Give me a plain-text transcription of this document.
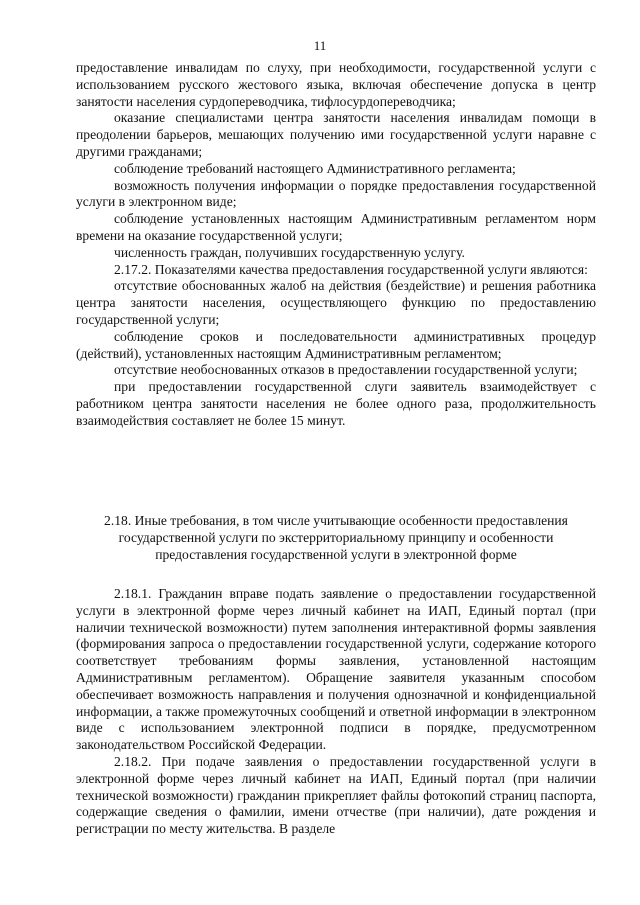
11

предоставление инвалидам по слуху, при необходимости, государственной услуги с использованием русского жестового языка, включая обеспечение допуска в центр занятости населения сурдопереводчика, тифлосурдопереводчика;

оказание специалистами центра занятости населения инвалидам помощи в преодолении барьеров, мешающих получению ими государственной услуги наравне с другими гражданами;

соблюдение требований настоящего Административного регламента;

возможность получения информации о порядке предоставления государственной услуги в электронном виде;

соблюдение установленных настоящим Административным регламентом норм времени на оказание государственной услуги;

численность граждан, получивших государственную услугу.

2.17.2. Показателями качества предоставления государственной услуги являются:

отсутствие обоснованных жалоб на действия (бездействие) и решения работника центра занятости населения, осуществляющего функцию по предоставлению государственной услуги;

соблюдение сроков и последовательности административных процедур (действий), установленных настоящим Административным регламентом;

отсутствие необоснованных отказов в предоставлении государственной услуги;

при предоставлении государственной слуги заявитель взаимодействует с работником центра занятости населения не более одного раза, продолжительность взаимодействия составляет не более 15 минут.

2.18. Иные требования, в том числе учитывающие особенности предоставления
государственной услуги по экстерриториальному принципу и особенности
предоставления государственной услуги в электронной форме

2.18.1. Гражданин вправе подать заявление о предоставлении государственной услуги в электронной форме через личный кабинет на ИАП, Единый портал (при наличии технической возможности) путем заполнения интерактивной формы заявления (формирования запроса о предоставлении государственной услуги, содержание которого соответствует требованиям формы заявления, установленной настоящим Административным регламентом). Обращение заявителя указанным способом обеспечивает возможность направления и получения однозначной и конфиденциальной информации, а также промежуточных сообщений и ответной информации в электронном виде с использованием электронной подписи в порядке, предусмотренном законодательством Российской Федерации.

2.18.2. При подаче заявления о предоставлении государственной услуги в электронной форме через личный кабинет на ИАП, Единый портал (при наличии технической возможности) гражданин прикрепляет файлы фотокопий страниц паспорта, содержащие сведения о фамилии, имени отчестве (при наличии), дате рождения и регистрации по месту жительства. В разделе
